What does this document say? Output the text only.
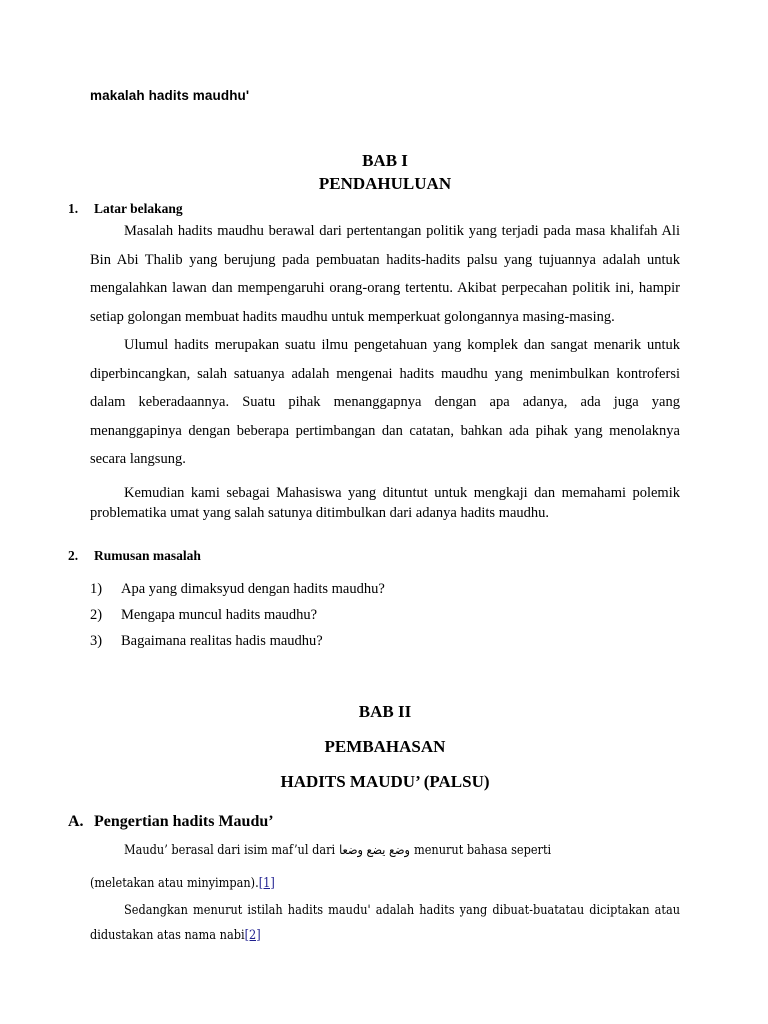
makalah hadits maudhu'
BAB I
PENDAHULUAN
1.	Latar belakang

Masalah hadits maudhu berawal dari pertentangan politik yang terjadi pada masa khalifah Ali Bin Abi Thalib yang berujung pada pembuatan hadits-hadits palsu yang tujuannya adalah untuk mengalahkan lawan dan mempengaruhi orang-orang tertentu. Akibat perpecahan politik ini, hampir setiap golongan membuat hadits maudhu untuk memperkuat golongannya masing-masing.

Ulumul hadits merupakan suatu ilmu pengetahuan yang komplek dan sangat menarik untuk diperbincangkan, salah satuanya adalah mengenai hadits maudhu yang menimbulkan kontrofersi dalam keberadaannya. Suatu pihak menanggapnya dengan apa adanya, ada juga yang menanggapinya dengan beberapa pertimbangan dan catatan, bahkan ada pihak yang menolaknya secara langsung.

Kemudian kami sebagai Mahasiswa yang dituntut untuk mengkaji dan memahami polemik problematika umat yang salah satunya ditimbulkan dari adanya hadits maudhu.

2.	Rumusan masalah
1)	Apa yang dimaksyud dengan hadits maudhu?
2)	Mengapa muncul hadits maudhu?
3)	Bagaimana realitas hadis maudhu?
BAB II
PEMBAHASAN
HADITS MAUDU’ (PALSU)
A. Pengertian hadits Maudu’

Maudu’ berasal dari isim maf’ul dari وضع يضع وضعا menurut bahasa seperti

(meletakan atau minyimpan).[1]

Sedangkan menurut istilah hadits maudu' adalah hadits yang dibuat-buatatau diciptakan atau didustakan atas nama nabi[2]
